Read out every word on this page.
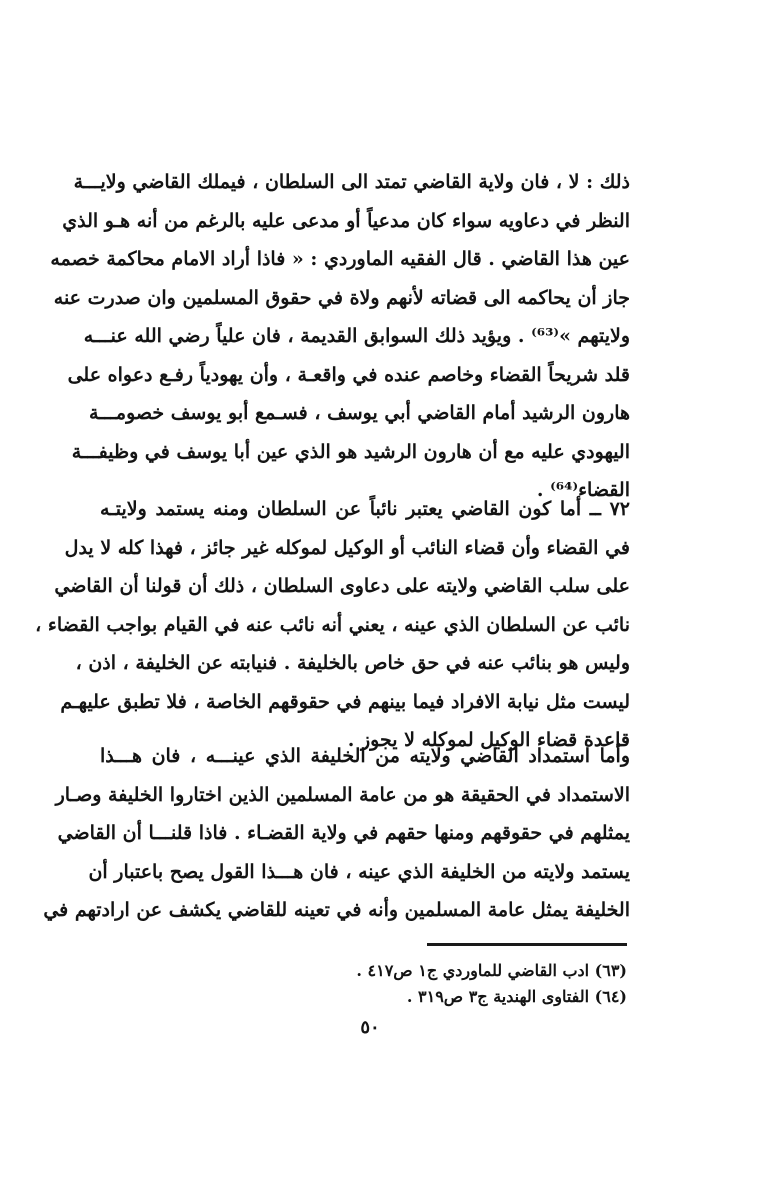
ذلك : لا ، فان ولاية القاضي تمتد الى السلطان ، فيملك القاضي ولايـــة
النظر في دعاويه سواء كان مدعياً أو مدعى عليه بالرغم من أنه هـو الذي
عين هذا القاضي . قال الفقيه الماوردي : « فاذا أراد الامام محاكمة خصمه
جاز أن يحاكمه الى قضاته لأنهم ولاة في حقوق المسلمين وان صدرت عنه
ولايتهم »⁽⁶³⁾ . ويؤيد ذلك السوابق القديمة ، فان علياً رضي الله عنـــه
قلد شريحاً القضاء وخاصم عنده في واقعـة ، وأن يهودياً رفـع دعواه على
هارون الرشيد أمام القاضي أبي يوسف ، فسـمع أبو يوسف خصومـــة
اليهودي عليه مع أن هارون الرشيد هو الذي عين أبا يوسف في وظيفـــة
القضاء⁽⁶⁴⁾ .
٧٢ ــ أما كون القاضي يعتبر نائباً عن السلطان ومنه يستمد ولايتـه
في القضاء وأن قضاء النائب أو الوكيل لموكله غير جائز ، فهذا كله لا يدل
على سلب القاضي ولايته على دعاوى السلطان ، ذلك أن قولنا أن القاضي
نائب عن السلطان الذي عينه ، يعني أنه نائب عنه في القيام بواجب القضاء ،
وليس هو بنائب عنه في حق خاص بالخليفة . فنيابته عن الخليفة ، اذن ،
ليست مثل نيابة الافراد فيما بينهم في حقوقهم الخاصة ، فلا تطبق عليهـم
قاعدة قضاء الوكيل لموكله لا يجوز .
وأما استمداد القاضي ولايته من الخليفة الذي عينـــه ، فان هـــذا
الاستمداد في الحقيقة هو من عامة المسلمين الذين اختاروا الخليفة وصـار
يمثلهم في حقوقهم ومنها حقهم في ولاية القضـاء . فاذا قلنـــا أن القاضي
يستمد ولايته من الخليفة الذي عينه ، فان هـــذا القول يصح باعتبار أن
الخليفة يمثل عامة المسلمين وأنه في تعينه للقاضي يكشف عن ارادتهم في
(٦٣) ادب القاضي للماوردي ج١ ص٤١٧ .
(٦٤) الفتاوى الهندية ج٣ ص٣١٩ .
٥٠
